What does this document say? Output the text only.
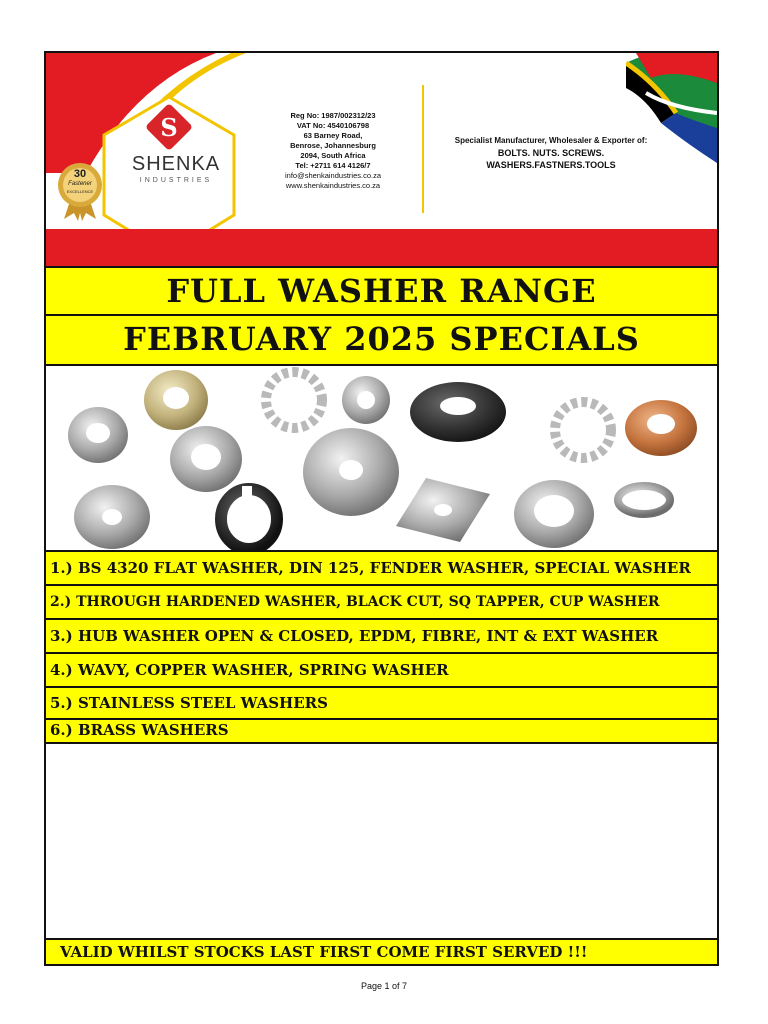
S
SHENKA
INDUSTRIES
30
Fastener
EXCELLENCE
Reg No: 1987/002312/23
VAT No: 4540106798
63 Barney Road,
Benrose, Johannesburg
2094, South Africa
Tel: +2711 614 4126/7
info@shenkaindustries.co.za
www.shenkaindustries.co.za
Specialist Manufacturer, Wholesaler & Exporter of:
BOLTS. NUTS. SCREWS.
WASHERS.FASTNERS.TOOLS
FULL WASHER RANGE
FEBRUARY 2025 SPECIALS
1.) BS 4320 FLAT WASHER, DIN 125, FENDER WASHER, SPECIAL WASHER
2.) THROUGH HARDENED WASHER, BLACK CUT, SQ TAPPER, CUP WASHER
3.) HUB WASHER OPEN & CLOSED, EPDM, FIBRE, INT & EXT WASHER
4.) WAVY, COPPER WASHER, SPRING WASHER
5.) STAINLESS STEEL WASHERS
6.) BRASS WASHERS
VALID WHILST STOCKS LAST FIRST COME FIRST SERVED !!!
Page 1 of 7
